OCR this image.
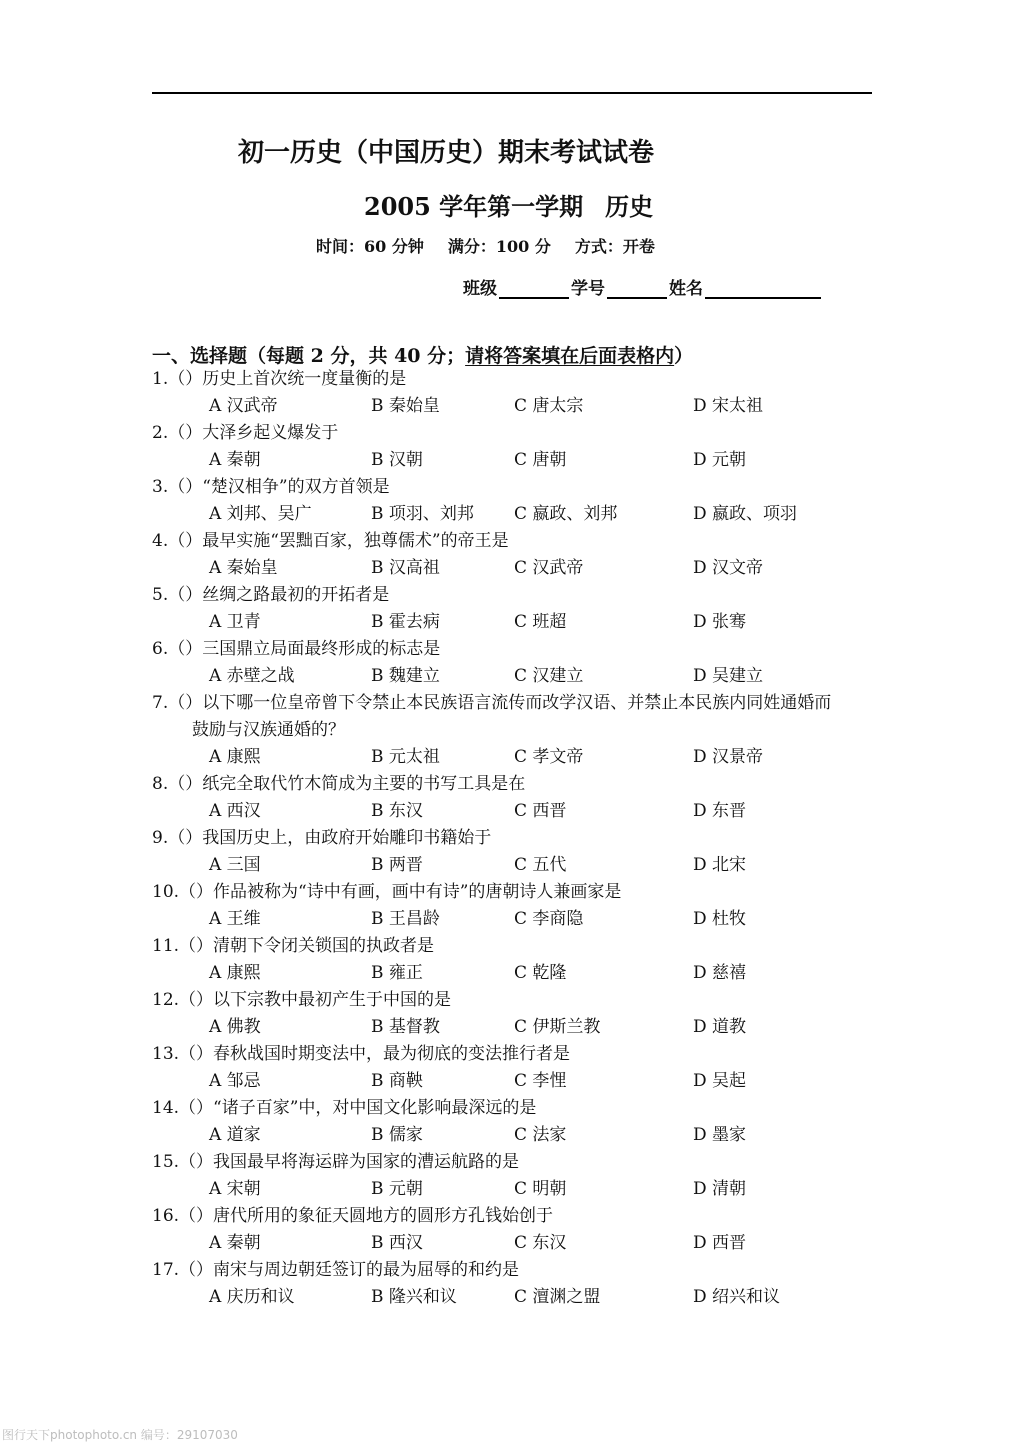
初一历史（中国历史）期末考试试卷
2005 学年第一学期 历史
时间：60 分钟 满分：100 分 方式：开卷
班级	学号	姓名
一、选择题（每题 2 分，共 40 分；请将答案填在后面表格内）
1.（）历史上首次统一度量衡的是
A 汉武帝	B 秦始皇	C 唐太宗	D 宋太祖
2.（）大泽乡起义爆发于
A 秦朝	B 汉朝	C 唐朝	D 元朝
3.（）“楚汉相争”的双方首领是
A 刘邦、吴广	B 项羽、刘邦 C 嬴政、刘邦	D 嬴政、项羽
4.（）最早实施“罢黜百家，独尊儒术”的帝王是
A 秦始皇	B 汉高祖	C 汉武帝	D 汉文帝
5.（）丝绸之路最初的开拓者是
A 卫青	B 霍去病	C 班超	D 张骞
6.（）三国鼎立局面最终形成的标志是
A 赤壁之战	B 魏建立	C 汉建立	D 吴建立
7.（）以下哪一位皇帝曾下令禁止本民族语言流传而改学汉语、并禁止本民族内同姓通婚而
鼓励与汉族通婚的？
A 康熙	B 元太祖	C 孝文帝	D 汉景帝
8.（）纸完全取代竹木简成为主要的书写工具是在
A 西汉	B 东汉	C 西晋	D 东晋
9.（）我国历史上，由政府开始雕印书籍始于
A 三国	B 两晋	C 五代	D 北宋
10.（）作品被称为“诗中有画，画中有诗”的唐朝诗人兼画家是
A 王维	B 王昌龄	C 李商隐	D 杜牧
11.（）清朝下令闭关锁国的执政者是
A 康熙	B 雍正	C 乾隆	D 慈禧
12.（）以下宗教中最初产生于中国的是
A 佛教	B 基督教	C 伊斯兰教	D 道教
13.（）春秋战国时期变法中，最为彻底的变法推行者是
A 邹忌	B 商鞅	C 李悝	D 吴起
14.（）“诸子百家”中，对中国文化影响最深远的是
A 道家	B 儒家	C 法家	D 墨家
15.（）我国最早将海运辟为国家的漕运航路的是
A 宋朝	B 元朝	C 明朝	D 清朝
16.（）唐代所用的象征天圆地方的圆形方孔钱始创于
A 秦朝	B 西汉	C 东汉	D 西晋
17.（）南宋与周边朝廷签订的最为屈辱的和约是
A 庆历和议	B 隆兴和议	C 澶渊之盟	D 绍兴和议
图行天下photophoto.cn 编号：29107030
